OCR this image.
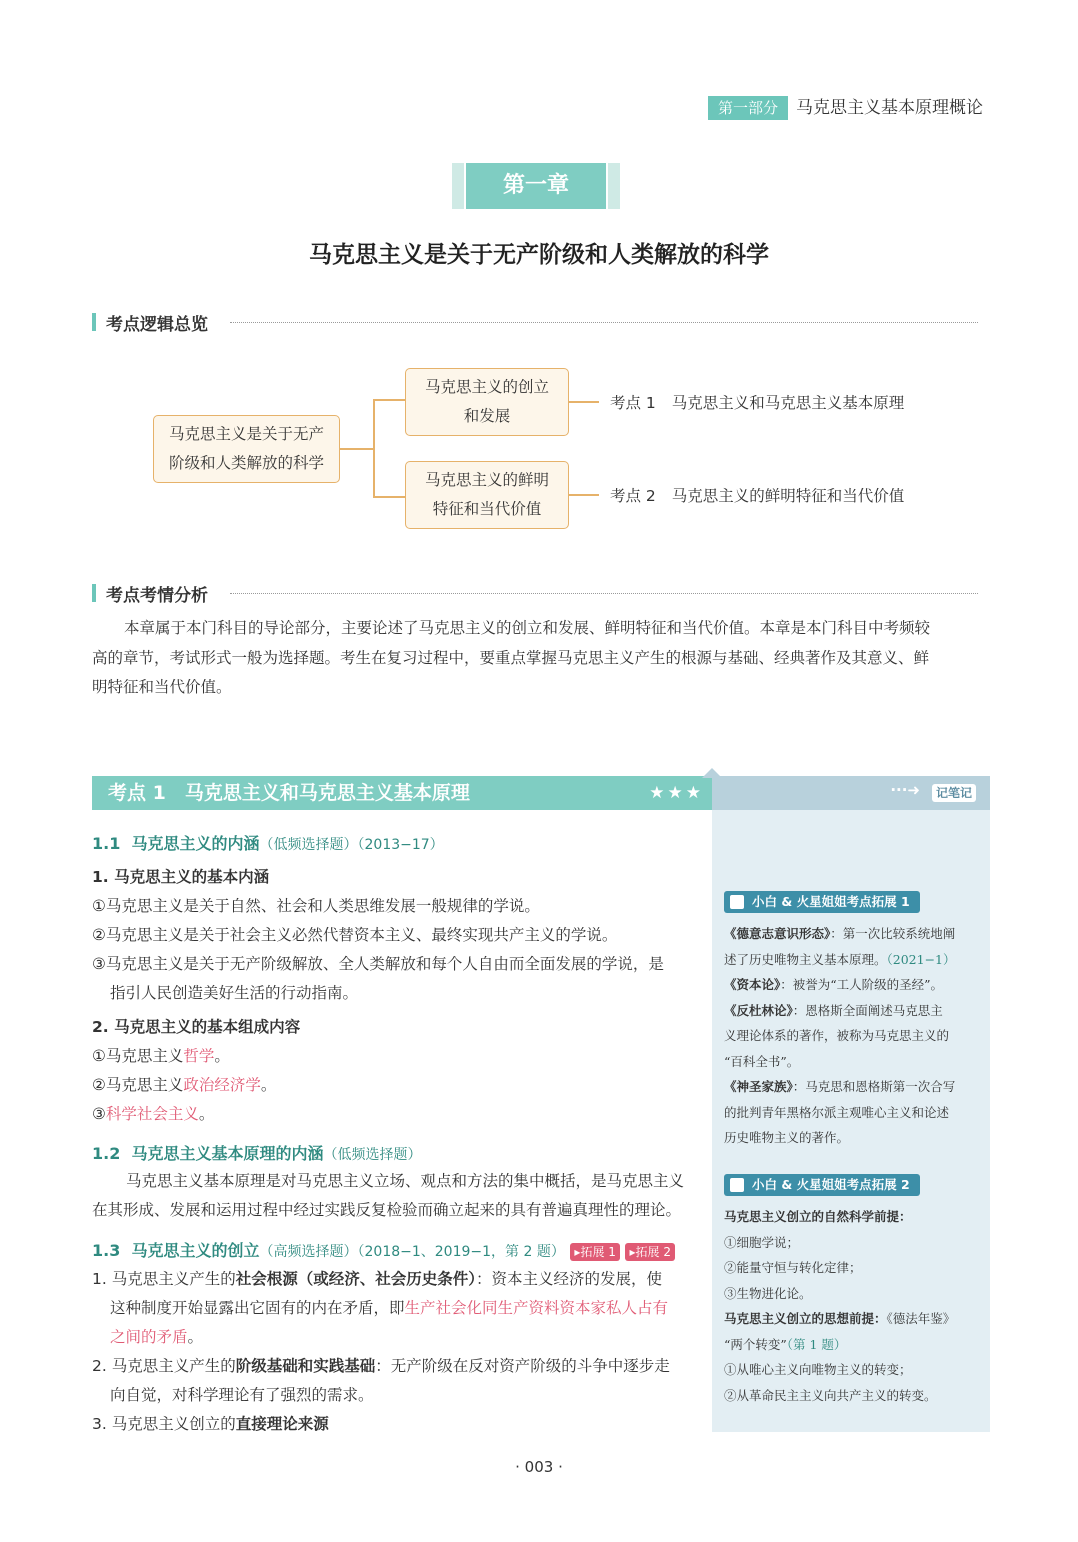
第一部分	马克思主义基本原理概论
第一章
马克思主义是关于无产阶级和人类解放的科学
考点逻辑总览
马克思主义是关于无产
阶级和人类解放的科学
马克思主义的创立
和发展
马克思主义的鲜明
特征和当代价值
考点 1 马克思主义和马克思主义基本原理
考点 2 马克思主义的鲜明特征和当代价值
考点考情分析
本章属于本门科目的导论部分，主要论述了马克思主义的创立和发展、鲜明特征和当代价值。本章是本门科目中考频较
高的章节，考试形式一般为选择题。考生在复习过程中，要重点掌握马克思主义产生的根源与基础、经典著作及其意义、鲜
明特征和当代价值。
考点 1　马克思主义和马克思主义基本原理	★★★	···➜	记笔记
1.1 马克思主义的内涵（低频选择题）（2013−17）
1. 马克思主义的基本内涵
①马克思主义是关于自然、社会和人类思维发展一般规律的学说。
②马克思主义是关于社会主义必然代替资本主义、最终实现共产主义的学说。
③马克思主义是关于无产阶级解放、全人类解放和每个人自由而全面发展的学说，是
指引人民创造美好生活的行动指南。
2. 马克思主义的基本组成内容
①马克思主义哲学。
②马克思主义政治经济学。
③科学社会主义。
1.2 马克思主义基本原理的内涵（低频选择题）
马克思主义基本原理是对马克思主义立场、观点和方法的集中概括，是马克思主义
在其形成、发展和运用过程中经过实践反复检验而确立起来的具有普遍真理性的理论。
1.3 马克思主义的创立（高频选择题）（2018−1、2019−1，第 2 题） ▸拓展 1 ▸拓展 2
1. 马克思主义产生的社会根源（或经济、社会历史条件）：资本主义经济的发展，使
这种制度开始显露出它固有的内在矛盾，即生产社会化同生产资料资本家私人占有
之间的矛盾。
2. 马克思主义产生的阶级基础和实践基础：无产阶级在反对资产阶级的斗争中逐步走
向自觉，对科学理论有了强烈的需求。
3. 马克思主义创立的直接理论来源
小白 & 火星姐姐考点拓展 1
《德意志意识形态》：第一次比较系统地阐
述了历史唯物主义基本原理。（2021−1）
《资本论》：被誉为“工人阶级的圣经”。
《反杜林论》：恩格斯全面阐述马克思主
义理论体系的著作，被称为马克思主义的
“百科全书”。
《神圣家族》：马克思和恩格斯第一次合写
的批判青年黑格尔派主观唯心主义和论述
历史唯物主义的著作。
小白 & 火星姐姐考点拓展 2
马克思主义创立的自然科学前提：
①细胞学说；
②能量守恒与转化定律；
③生物进化论。
马克思主义创立的思想前提：《德法年鉴》
“两个转变”（第 1 题）
①从唯心主义向唯物主义的转变；
②从革命民主主义向共产主义的转变。
· 003 ·
